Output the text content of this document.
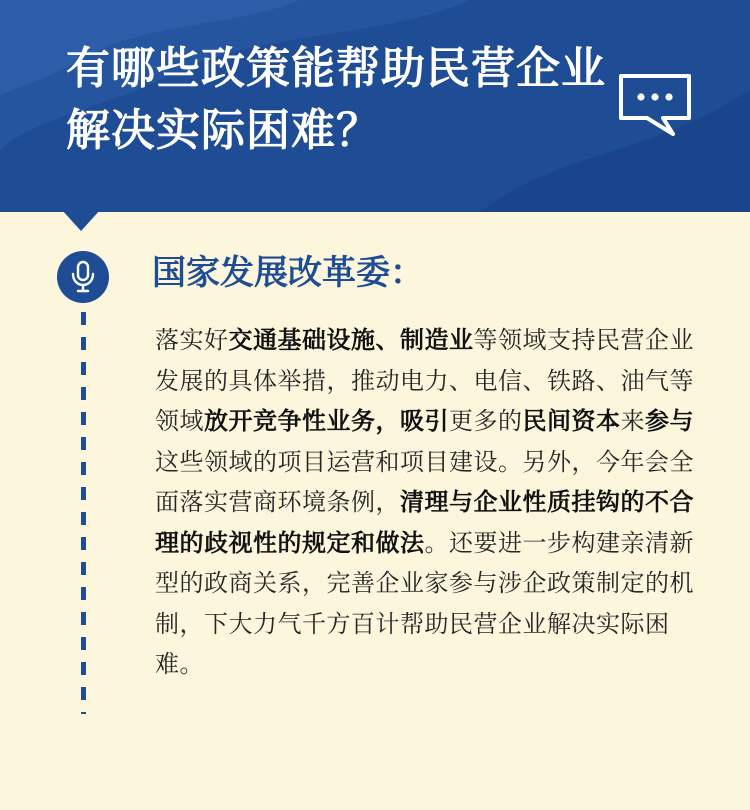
有哪些政策能帮助民营企业解决实际困难？
国家发展改革委：

落实好交通基础设施、制造业等领域支持民营企业发展的具体举措，推动电力、电信、铁路、油气等领域放开竞争性业务，吸引更多的民间资本来参与这些领域的项目运营和项目建设。另外，今年会全面落实营商环境条例，清理与企业性质挂钩的不合理的歧视性的规定和做法。还要进一步构建亲清新型的政商关系，完善企业家参与涉企政策制定的机制，下大力气千方百计帮助民营企业解决实际困难。
